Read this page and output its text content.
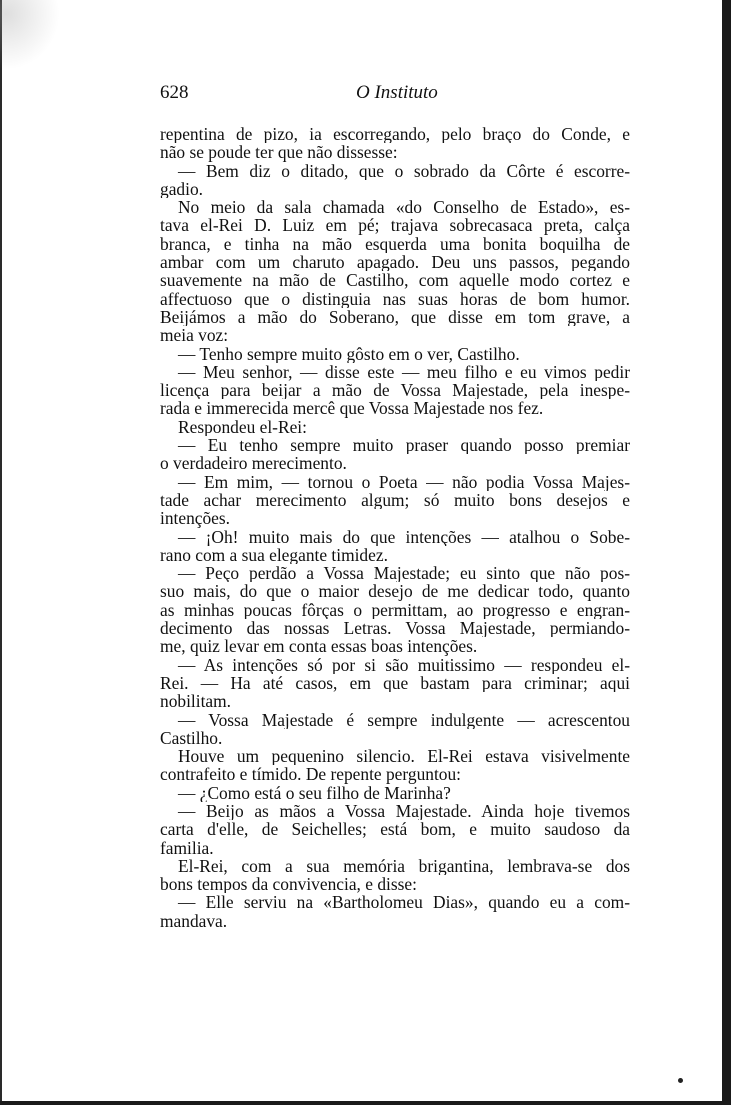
628	O Instituto
repentina de pizo, ia escorregando, pelo braço do Conde, e
não se poude ter que não dissesse:
— Bem diz o ditado, que o sobrado da Côrte é escorre-
gadio.
No meio da sala chamada «do Conselho de Estado», es-
tava el-Rei D. Luiz em pé; trajava sobrecasaca preta, calça
branca, e tinha na mão esquerda uma bonita boquilha de
ambar com um charuto apagado. Deu uns passos, pegando
suavemente na mão de Castilho, com aquelle modo cortez e
affectuoso que o distinguia nas suas horas de bom humor.
Beijámos a mão do Soberano, que disse em tom grave, a
meia voz:
— Tenho sempre muito gôsto em o ver, Castilho.
— Meu senhor, — disse este — meu filho e eu vimos pedir
licença para beijar a mão de Vossa Majestade, pela inespe-
rada e immerecida mercê que Vossa Majestade nos fez.
Respondeu el-Rei:
— Eu tenho sempre muito praser quando posso premiar
o verdadeiro merecimento.
— Em mim, — tornou o Poeta — não podia Vossa Majes-
tade achar merecimento algum; só muito bons desejos e
intenções.
— ¡Oh! muito mais do que intenções — atalhou o Sobe-
rano com a sua elegante timidez.
— Peço perdão a Vossa Majestade; eu sinto que não pos-
suo mais, do que o maior desejo de me dedicar todo, quanto
as minhas poucas fôrças o permittam, ao progresso e engran-
decimento das nossas Letras. Vossa Majestade, permiando-
me, quiz levar em conta essas boas intenções.
— As intenções só por si são muitissimo — respondeu el-
Rei. — Ha até casos, em que bastam para criminar; aqui
nobilitam.
— Vossa Majestade é sempre indulgente — acrescentou
Castilho.
Houve um pequenino silencio. El-Rei estava visivelmente
contrafeito e tímido. De repente perguntou:
— ¿Como está o seu filho de Marinha?
— Beijo as mãos a Vossa Majestade. Ainda hoje tivemos
carta d'elle, de Seichelles; está bom, e muito saudoso da
familia.
El-Rei, com a sua memória brigantina, lembrava-se dos
bons tempos da convivencia, e disse:
— Elle serviu na «Bartholomeu Dias», quando eu a com-
mandava.
